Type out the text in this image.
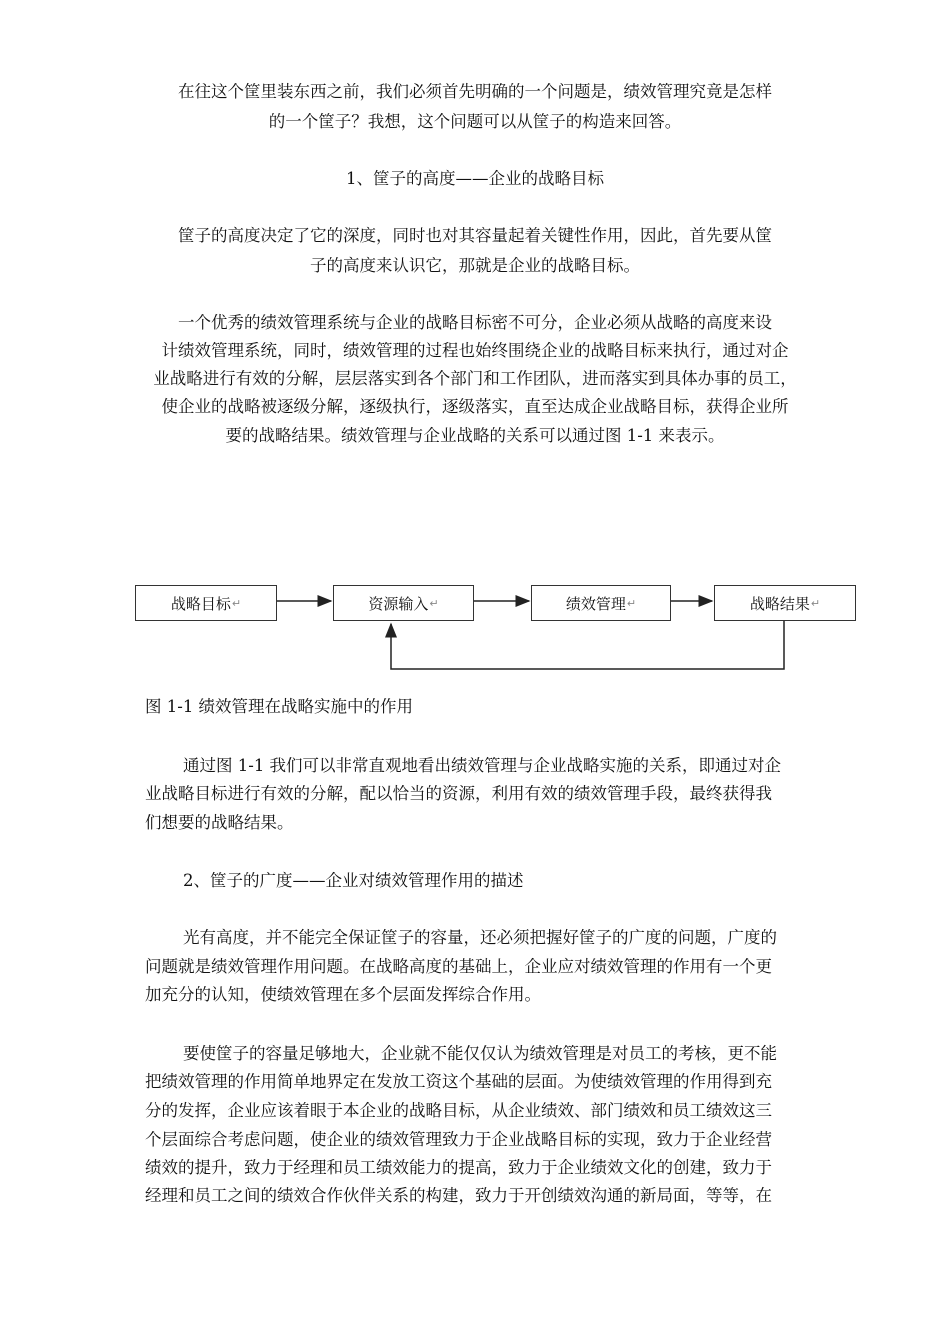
在往这个筐里装东西之前，我们必须首先明确的一个问题是，绩效管理究竟是怎样
的一个筐子？我想，这个问题可以从筐子的构造来回答。
1、筐子的高度——企业的战略目标
筐子的高度决定了它的深度，同时也对其容量起着关键性作用，因此，首先要从筐
子的高度来认识它，那就是企业的战略目标。
一个优秀的绩效管理系统与企业的战略目标密不可分，企业必须从战略的高度来设
计绩效管理系统，同时，绩效管理的过程也始终围绕企业的战略目标来执行，通过对企
业战略进行有效的分解，层层落实到各个部门和工作团队，进而落实到具体办事的员工，
使企业的战略被逐级分解，逐级执行，逐级落实，直至达成企业战略目标，获得企业所
要的战略结果。绩效管理与企业战略的关系可以通过图 1-1 来表示。
战略目标 ↵	资源输入 ↵	绩效管理 ↵	战略结果 ↵
图 1-1 绩效管理在战略实施中的作用
通过图 1-1 我们可以非常直观地看出绩效管理与企业战略实施的关系，即通过对企
业战略目标进行有效的分解，配以恰当的资源，利用有效的绩效管理手段，最终获得我
们想要的战略结果。
2、筐子的广度——企业对绩效管理作用的描述
光有高度，并不能完全保证筐子的容量，还必须把握好筐子的广度的问题，广度的
问题就是绩效管理作用问题。在战略高度的基础上，企业应对绩效管理的作用有一个更
加充分的认知，使绩效管理在多个层面发挥综合作用。
要使筐子的容量足够地大，企业就不能仅仅认为绩效管理是对员工的考核，更不能
把绩效管理的作用简单地界定在发放工资这个基础的层面。为使绩效管理的作用得到充
分的发挥，企业应该着眼于本企业的战略目标，从企业绩效、部门绩效和员工绩效这三
个层面综合考虑问题，使企业的绩效管理致力于企业战略目标的实现，致力于企业经营
绩效的提升，致力于经理和员工绩效能力的提高，致力于企业绩效文化的创建，致力于
经理和员工之间的绩效合作伙伴关系的构建，致力于开创绩效沟通的新局面，等等，在
